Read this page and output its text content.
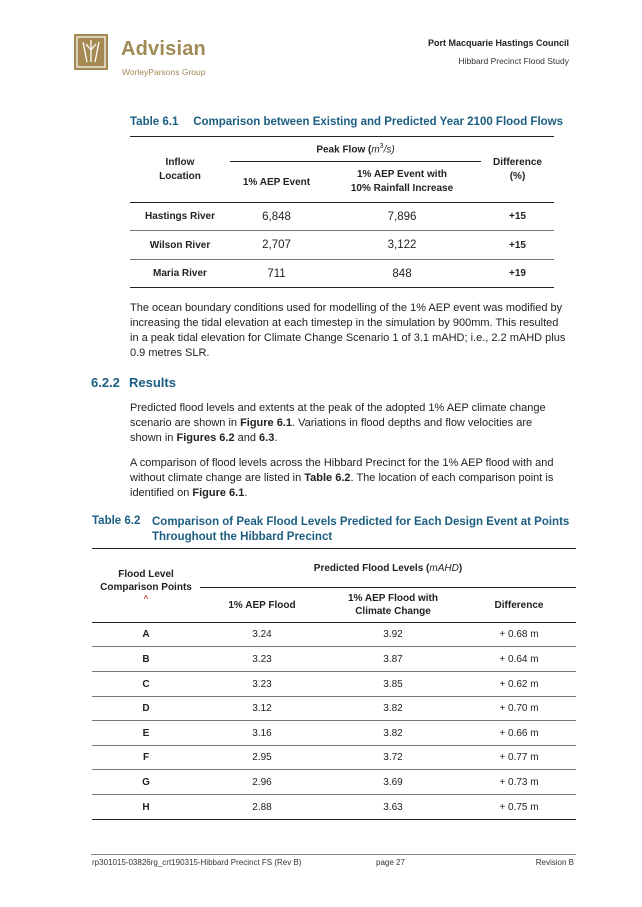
Advisian
WorleyParsons Group
Port Macquarie Hastings Council
Hibbard Precinct Flood Study
Table 6.1 Comparison between Existing and Predicted Year 2100 Flood Flows
Inflow Location	Peak Flow $(m^3/s)$		Difference (%)
	1% AEP Event	1% AEP Event with
10% Rainfall Increase	

Hastings River	6,848	7,896	+15
Wilson River	2,707	3,122	+15
Maria River	711	848	+19
The ocean boundary conditions used for modelling of the 1% AEP event was modified by increasing the tidal elevation at each timestep in the simulation by 900mm. This resulted in a peak tidal elevation for Climate Change Scenario 1 of 3.1 mAHD; i.e., 2.2 mAHD plus 0.9 metres SLR.
6.2.2 Results
Predicted flood levels and extents at the peak of the adopted 1% AEP climate change scenario are shown in Figure 6.1. Variations in flood depths and flow velocities are shown in Figures 6.2 and 6.3.
A comparison of flood levels across the Hibbard Precinct for the 1% AEP flood with and without climate change are listed in Table 6.2. The location of each comparison point is identified on Figure 6.1.
Table 6.2 Comparison of Peak Flood Levels Predicted for Each Design Event at Points Throughout the Hibbard Precinct
Flood Level
Comparison Points
^	Predicted Flood Levels (mAHD)		
	1% AEP Flood	1% AEP Flood with
Climate Change	Difference

A	3.24	3.92	+ 0.68 m
B	3.23	3.87	+ 0.64 m
C	3.23	3.85	+ 0.62 m
D	3.12	3.82	+ 0.70 m
E	3.16	3.82	+ 0.66 m
F	2.95	3.72	+ 0.77 m
G	2.96	3.69	+ 0.73 m
H	2.88	3.63	+ 0.75 m
rp301015-03826rg_crt190315-Hibbard Precinct FS (Rev B)	page 27	Revision B
